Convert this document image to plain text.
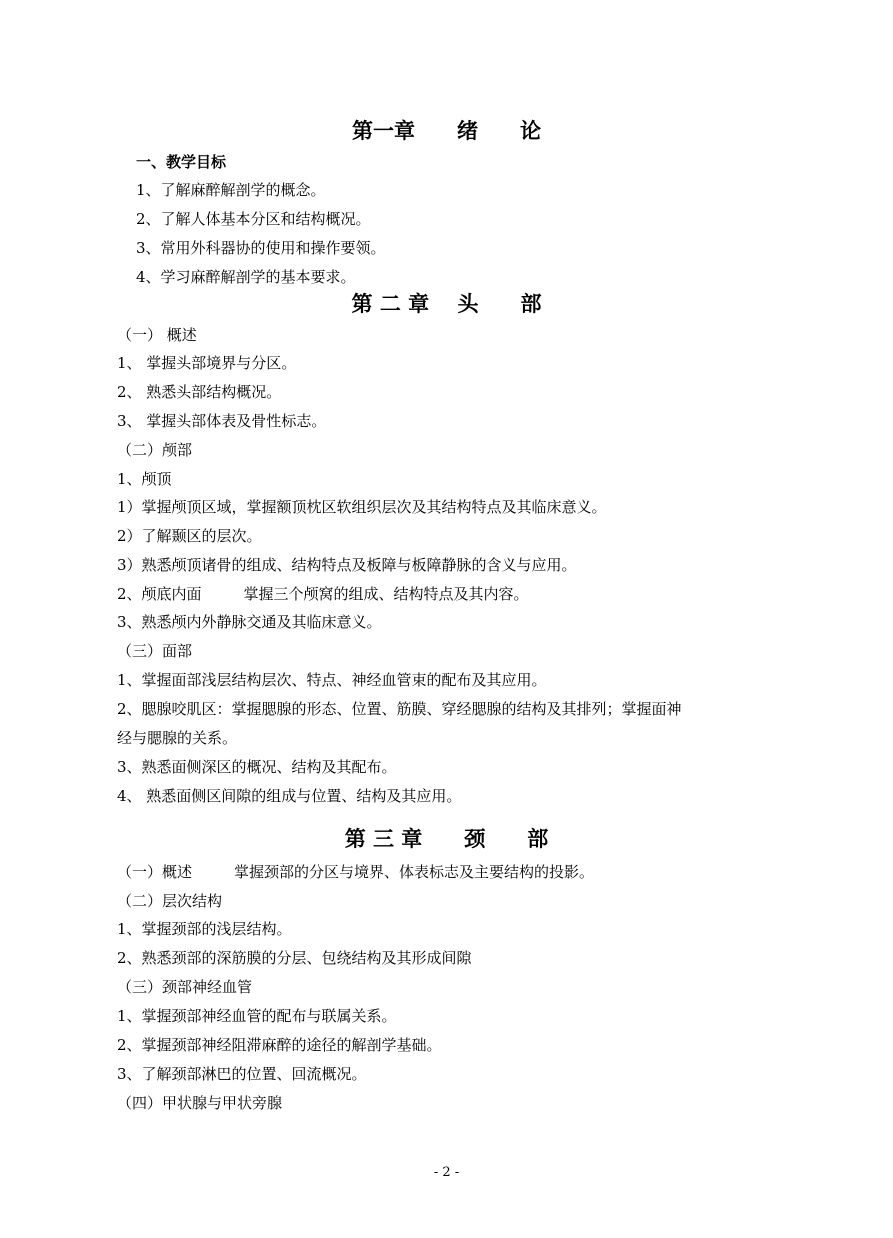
第一章　　绪　　论
一、教学目标
1、了解麻醉解剖学的概念。
2、了解人体基本分区和结构概况。
3、常用外科器协的使用和操作要领。
4、学习麻醉解剖学的基本要求。
第 二 章　 头　　部
（一） 概述
1、 掌握头部境界与分区。
2、 熟悉头部结构概况。
3、 掌握头部体表及骨性标志。
（二）颅部
1、颅顶
1）掌握颅顶区域，掌握额顶枕区软组织层次及其结构特点及其临床意义。
2）了解颞区的层次。
3）熟悉颅顶诸骨的组成、结构特点及板障与板障静脉的含义与应用。
2、颅底内面	掌握三个颅窝的组成、结构特点及其内容。
3、熟悉颅内外静脉交通及其临床意义。
（三）面部
1、掌握面部浅层结构层次、特点、神经血管束的配布及其应用。
2、腮腺咬肌区：掌握腮腺的形态、位置、筋膜、穿经腮腺的结构及其排列；掌握面神
经与腮腺的关系。
3、熟悉面侧深区的概况、结构及其配布。
4、 熟悉面侧区间隙的组成与位置、结构及其应用。
第 三 章　　颈　　部
（一）概述	掌握颈部的分区与境界、体表标志及主要结构的投影。
（二）层次结构
1、掌握颈部的浅层结构。
2、熟悉颈部的深筋膜的分层、包绕结构及其形成间隙
（三）颈部神经血管
1、掌握颈部神经血管的配布与联属关系。
2、掌握颈部神经阻滞麻醉的途径的解剖学基础。
3、了解颈部淋巴的位置、回流概况。
（四）甲状腺与甲状旁腺
- 2 -
